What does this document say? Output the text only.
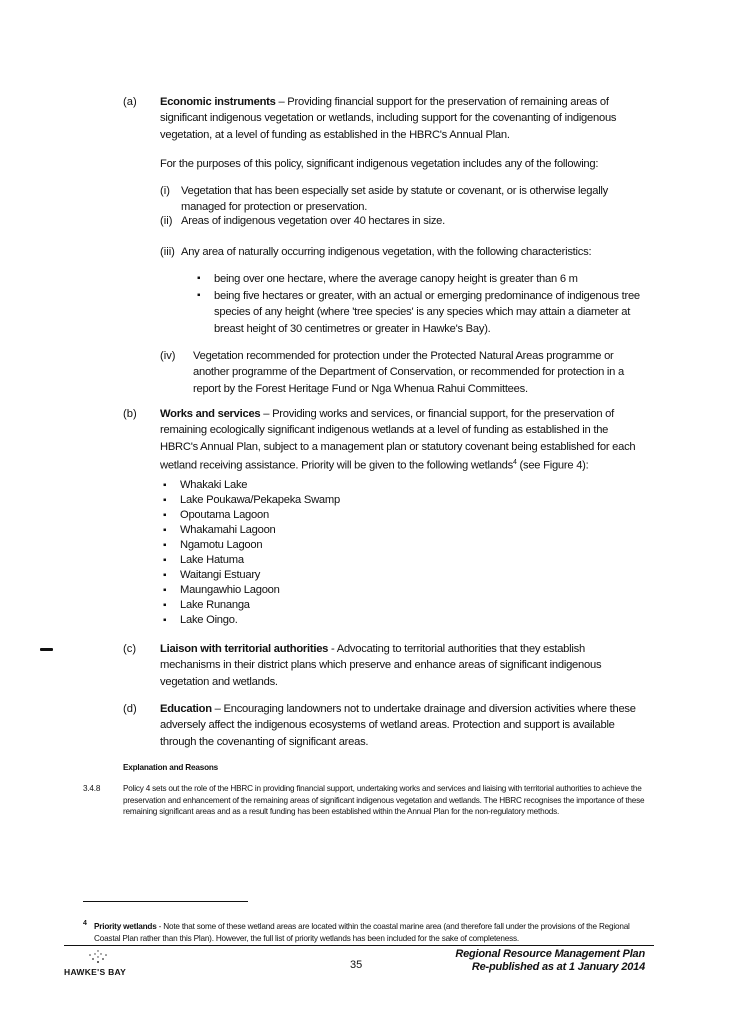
(a) Economic instruments – Providing financial support for the preservation of remaining areas of significant indigenous vegetation or wetlands, including support for the covenanting of indigenous vegetation, at a level of funding as established in the HBRC's Annual Plan.
For the purposes of this policy, significant indigenous vegetation includes any of the following:
(i) Vegetation that has been especially set aside by statute or covenant, or is otherwise legally managed for protection or preservation.
(ii) Areas of indigenous vegetation over 40 hectares in size.
(iii) Any area of naturally occurring indigenous vegetation, with the following characteristics:
▪ being over one hectare, where the average canopy height is greater than 6 m
▪ being five hectares or greater, with an actual or emerging predominance of indigenous tree species of any height (where 'tree species' is any species which may attain a diameter at breast height of 30 centimetres or greater in Hawke's Bay).
(iv) Vegetation recommended for protection under the Protected Natural Areas programme or another programme of the Department of Conservation, or recommended for protection in a report by the Forest Heritage Fund or Nga Whenua Rahui Committees.
(b) Works and services – Providing works and services, or financial support, for the preservation of remaining ecologically significant indigenous wetlands at a level of funding as established in the HBRC's Annual Plan, subject to a management plan or statutory covenant being established for each wetland receiving assistance. Priority will be given to the following wetlands$^4$ (see Figure 4):
▪ Whakaki Lake
▪ Lake Poukawa/Pekapeka Swamp
▪ Opoutama Lagoon
▪ Whakamahi Lagoon
▪ Ngamotu Lagoon
▪ Lake Hatuma
▪ Waitangi Estuary
▪ Maungawhio Lagoon
▪ Lake Runanga
▪ Lake Oingo.
(c) Liaison with territorial authorities - Advocating to territorial authorities that they establish mechanisms in their district plans which preserve and enhance areas of significant indigenous vegetation and wetlands.
(d) Education – Encouraging landowners not to undertake drainage and diversion activities where these adversely affect the indigenous ecosystems of wetland areas. Protection and support is available through the covenanting of significant areas.
Explanation and Reasons
3.4.8	Policy 4 sets out the role of the HBRC in providing financial support, undertaking works and services and liaising with territorial authorities to achieve the preservation and enhancement of the remaining areas of significant indigenous vegetation and wetlands. The HBRC recognises the importance of these remaining significant areas and as a result funding has been established within the Annual Plan for the non-regulatory methods.
4 Priority wetlands - Note that some of these wetland areas are located within the coastal marine area (and therefore fall under the provisions of the Regional Coastal Plan rather than this Plan). However, the full list of priority wetlands has been included for the sake of completeness.
HAWKE'S BAY
35
Regional Resource Management Plan
Re-published as at 1 January 2014
